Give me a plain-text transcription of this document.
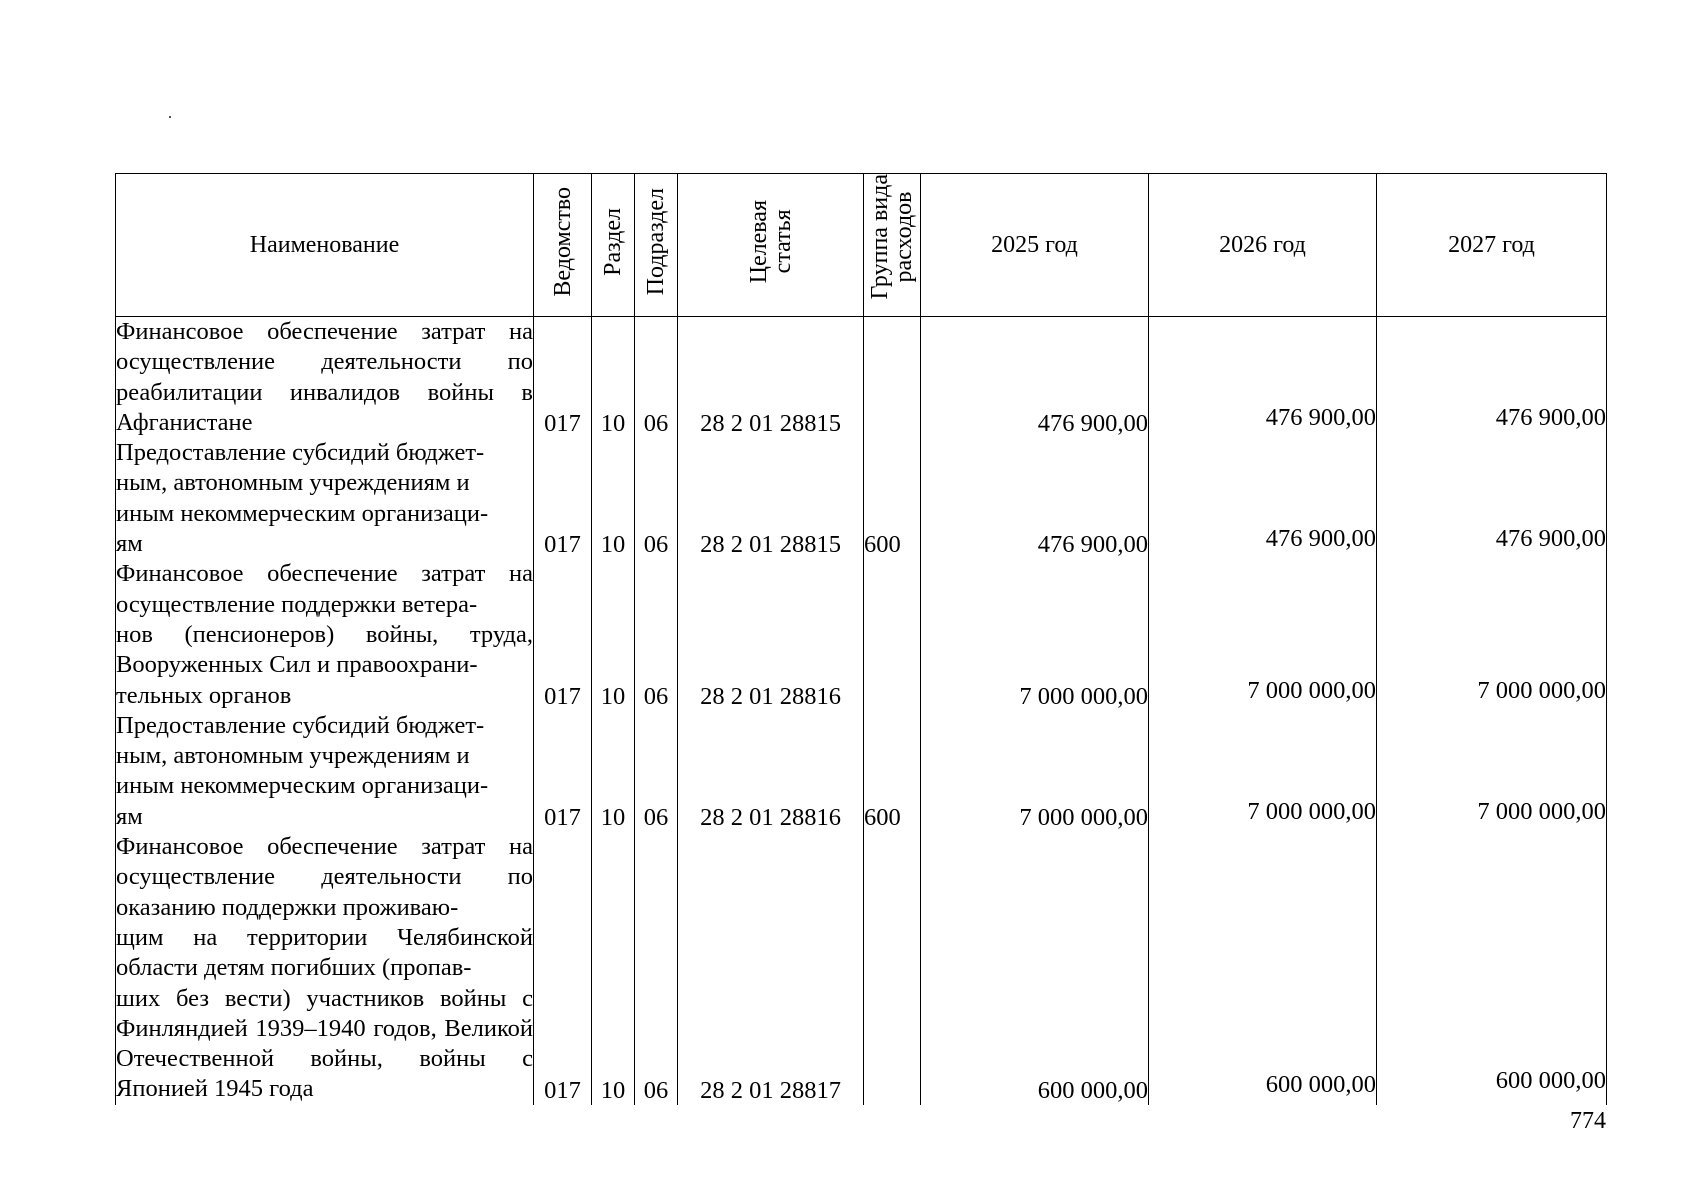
Наименование	Ведомство	Раздел	Подраздел	Целевая
статья	Группа вида
расходов	2025 год	2026 год	2027 год
Финансовое обеспечение затрат на осуществление деятельности по реабилитации инвалидов войны в Афганистане	017	10	06	28 2 01 28815		476 900,00	476 900,00	476 900,00
Предоставление субсидий бюджет-
ным, автономным учреждениям и
иным некоммерческим организаци-
ям	017	10	06	28 2 01 28815	600	476 900,00	476 900,00	476 900,00
Финансовое обеспечение затрат на осуществление поддержки ветера-
нов (пенсионеров) войны, труда, Вооруженных Сил и правоохрани-
тельных органов	017	10	06	28 2 01 28816		7 000 000,00	7 000 000,00	7 000 000,00
Предоставление субсидий бюджет-
ным, автономным учреждениям и
иным некоммерческим организаци-
ям	017	10	06	28 2 01 28816	600	7 000 000,00	7 000 000,00	7 000 000,00
Финансовое обеспечение затрат на осуществление деятельности по оказанию поддержки проживаю-
щим на территории Челябинской области детям погибших (пропав-
ших без вести) участников войны с Финляндией 1939–1940 годов, Великой Отечественной войны, войны с Японией 1945 года	017	10	06	28 2 01 28817		600 000,00	600 000,00	600 000,00
774
